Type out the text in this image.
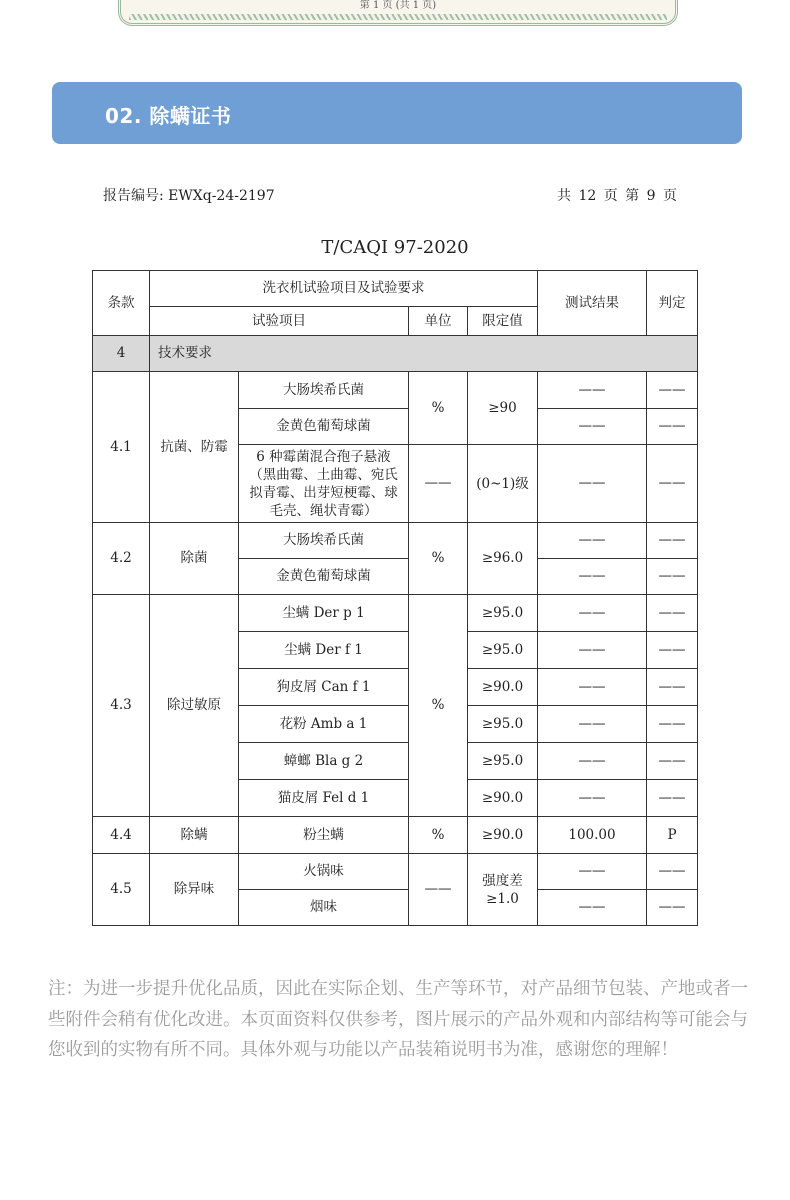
第 1 页 (共 1 页)
02. 除螨证书
报告编号: EWXq-24-2197	共 12 页 第 9 页
T/CAQI 97-2020
条款	洗衣机试验项目及试验要求				测试结果	判定
	试验项目		单位	限定值		
4	技术要求					
4.1	抗菌、防霉	大肠埃希氏菌	%	≥90	——	——
		金黄色葡萄球菌			——	——
		6 种霉菌混合孢子悬液（黑曲霉、土曲霉、宛氏拟青霉、出芽短梗霉、球毛壳、绳状青霉）	——	(0~1)级	——	——
4.2	除菌	大肠埃希氏菌	%	≥96.0	——	——
		金黄色葡萄球菌			——	——
4.3	除过敏原	尘螨 Der p 1	%	≥95.0	——	——
		尘螨 Der f 1		≥95.0	——	——
		狗皮屑 Can f 1		≥90.0	——	——
		花粉 Amb a 1		≥95.0	——	——
		蟑螂 Bla g 2		≥95.0	——	——
		猫皮屑 Fel d 1		≥90.0	——	——
4.4	除螨	粉尘螨	%	≥90.0	100.00	P
4.5	除异味	火锅味	——	强度差≥1.0	——	——
		烟味			——	——
注：为进一步提升优化品质，因此在实际企划、生产等环节，对产品细节包装、产地或者一些附件会稍有优化改进。本页面资料仅供参考，图片展示的产品外观和内部结构等可能会与您收到的实物有所不同。具体外观与功能以产品装箱说明书为准，感谢您的理解！
